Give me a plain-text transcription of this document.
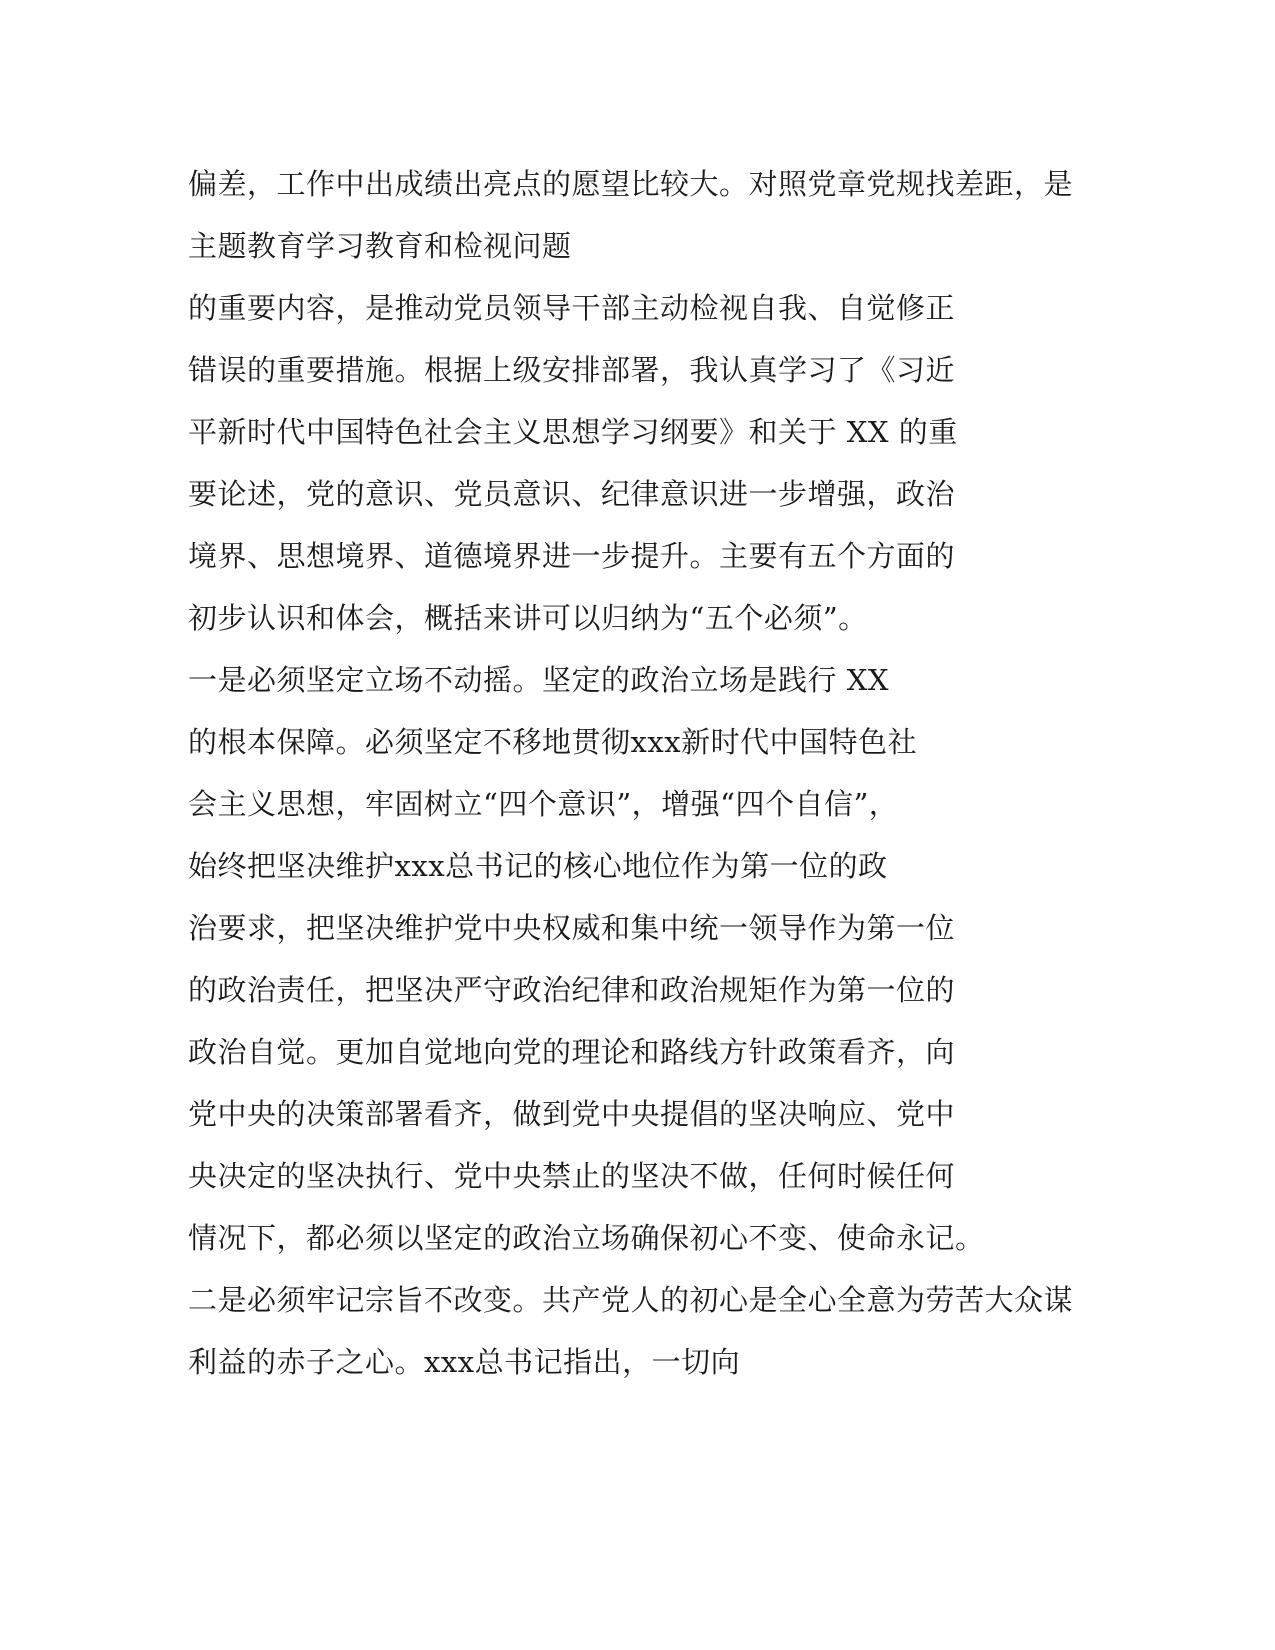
偏差，工作中出成绩出亮点的愿望比较大。对照党章党规找差距，是
主题教育学习教育和检视问题
的重要内容，是推动党员领导干部主动检视自我、自觉修正
错误的重要措施。根据上级安排部署，我认真学习了《习近
平新时代中国特色社会主义思想学习纲要》和关于 XX 的重
要论述，党的意识、党员意识、纪律意识进一步增强，政治
境界、思想境界、道德境界进一步提升。主要有五个方面的
初步认识和体会，概括来讲可以归纳为“五个必须”。
一是必须坚定立场不动摇。坚定的政治立场是践行 XX
的根本保障。必须坚定不移地贯彻xxx新时代中国特色社
会主义思想，牢固树立“四个意识”，增强“四个自信”，
始终把坚决维护xxx总书记的核心地位作为第一位的政
治要求，把坚决维护党中央权威和集中统一领导作为第一位
的政治责任，把坚决严守政治纪律和政治规矩作为第一位的
政治自觉。更加自觉地向党的理论和路线方针政策看齐，向
党中央的决策部署看齐，做到党中央提倡的坚决响应、党中
央决定的坚决执行、党中央禁止的坚决不做，任何时候任何
情况下，都必须以坚定的政治立场确保初心不变、使命永记。
二是必须牢记宗旨不改变。共产党人的初心是全心全意为劳苦大众谋
利益的赤子之心。xxx总书记指出，一切向
